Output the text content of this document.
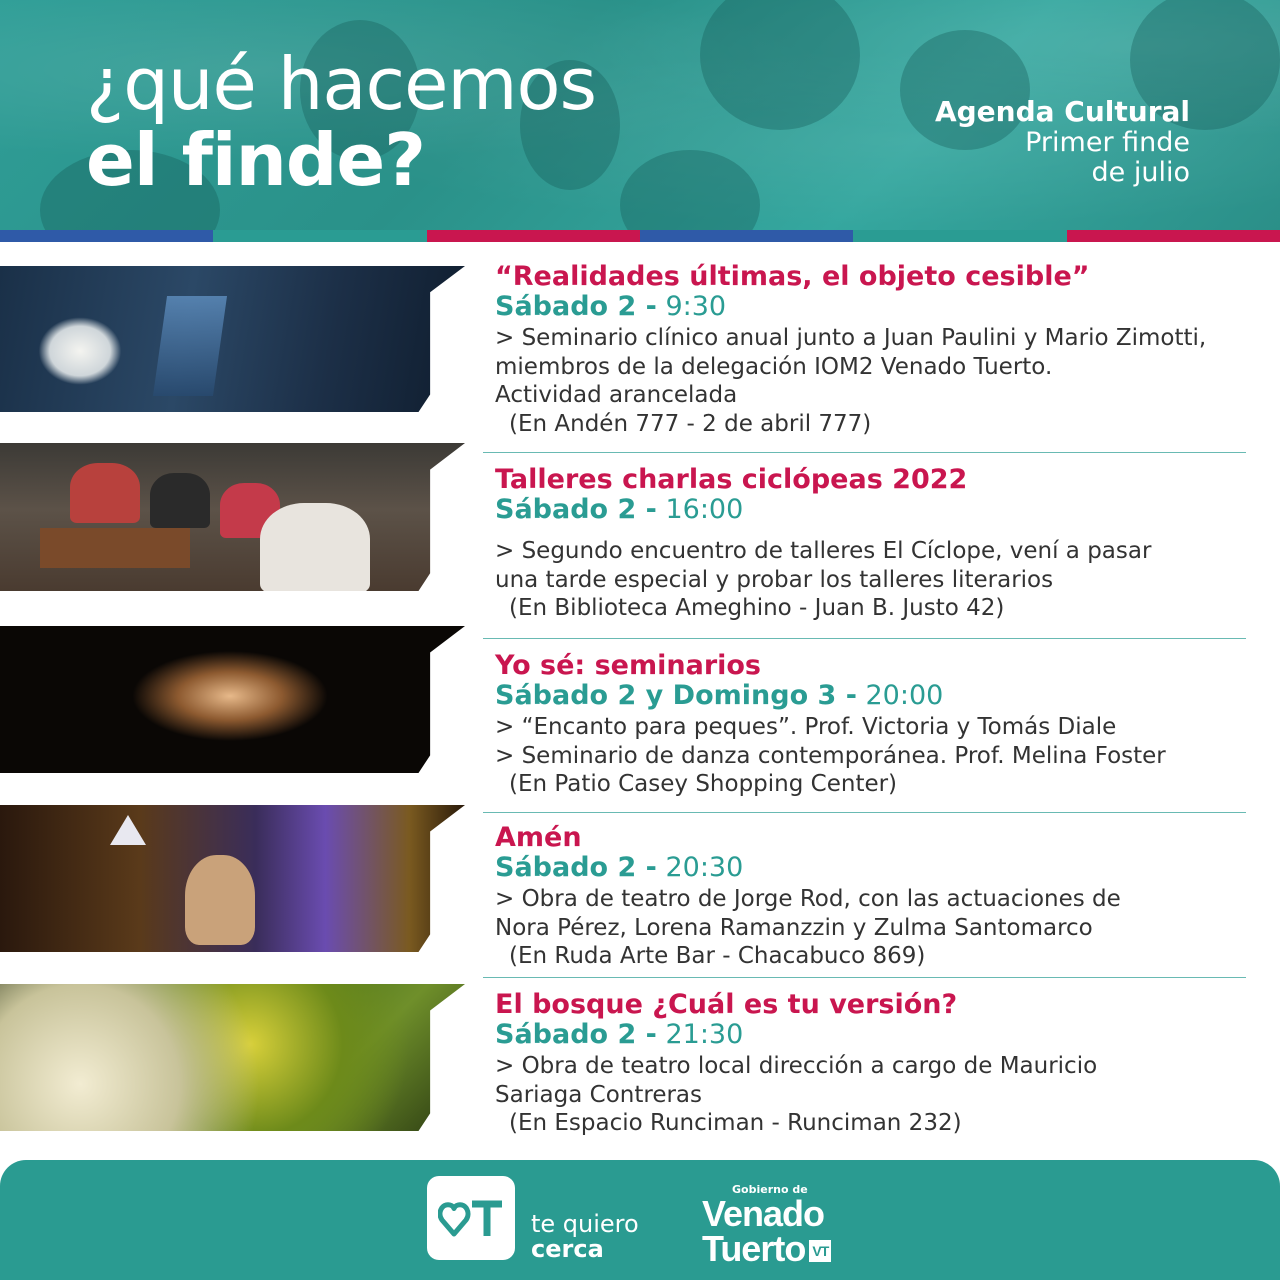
¿qué hacemos
el finde?
Agenda Cultural
Primer finde
de julio
“Realidades últimas, el objeto cesible”
Sábado 2 - 9:30

> Seminario clínico anual junto a Juan Paulini y Mario Zimotti,

miembros de la delegación IOM2 Venado Tuerto.

Actividad arancelada

(En Andén 777 - 2 de abril 777)
Talleres charlas ciclópeas 2022
Sábado 2 - 16:00

> Segundo encuentro de talleres El Cíclope, vení a pasar

una tarde especial y probar los talleres literarios

(En Biblioteca Ameghino - Juan B. Justo 42)
Yo sé: seminarios
Sábado 2 y Domingo 3 - 20:00

> “Encanto para peques”. Prof. Victoria y Tomás Diale

> Seminario de danza contemporánea. Prof. Melina Foster

(En Patio Casey Shopping Center)
Amén
Sábado 2 - 20:30

> Obra de teatro de Jorge Rod, con las actuaciones de

Nora Pérez, Lorena Ramanzzin y Zulma Santomarco

(En Ruda Arte Bar - Chacabuco 869)
El bosque ¿Cuál es tu versión?
Sábado 2 - 21:30

> Obra de teatro local dirección a cargo de Mauricio

Sariaga Contreras

(En Espacio Runciman - Runciman 232)
te quiero
cerca
Gobierno de
Venado
Tuerto VT
